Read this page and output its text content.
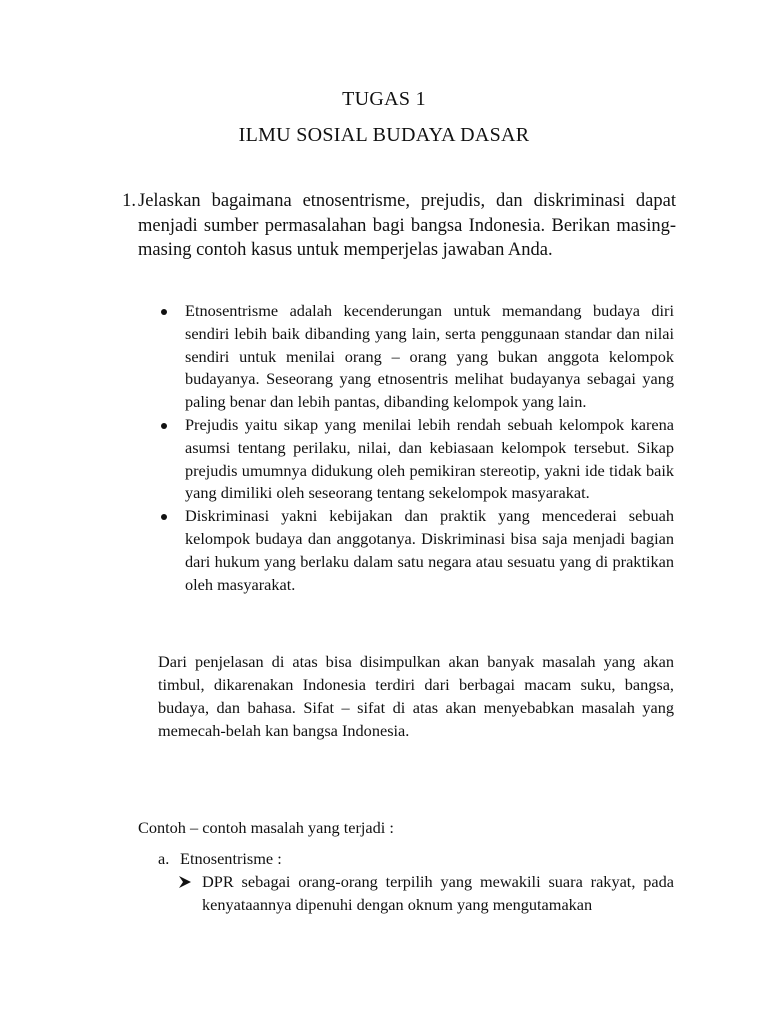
TUGAS 1
ILMU SOSIAL BUDAYA DASAR
1. Jelaskan bagaimana etnosentrisme, prejudis, dan diskriminasi dapat menjadi sumber permasalahan bagi bangsa Indonesia. Berikan masing-masing contoh kasus untuk memperjelas jawaban Anda.
Etnosentrisme adalah kecenderungan untuk memandang budaya diri sendiri lebih baik dibanding yang lain, serta penggunaan standar dan nilai sendiri untuk menilai orang – orang yang bukan anggota kelompok budayanya. Seseorang yang etnosentris melihat budayanya sebagai yang paling benar dan lebih pantas, dibanding kelompok yang lain.
Prejudis yaitu sikap yang menilai lebih rendah sebuah kelompok karena asumsi tentang perilaku, nilai, dan kebiasaan kelompok tersebut. Sikap prejudis umumnya didukung oleh pemikiran stereotip, yakni ide tidak baik yang dimiliki oleh seseorang tentang sekelompok masyarakat.
Diskriminasi yakni kebijakan dan praktik yang mencederai sebuah kelompok budaya dan anggotanya. Diskriminasi bisa saja menjadi bagian dari hukum yang berlaku dalam satu negara atau sesuatu yang di praktikan oleh masyarakat.
Dari penjelasan di atas bisa disimpulkan akan banyak masalah yang akan timbul, dikarenakan Indonesia terdiri dari berbagai macam suku, bangsa, budaya, dan bahasa. Sifat – sifat di atas akan menyebabkan masalah yang memecah-belah kan bangsa Indonesia.
Contoh – contoh masalah yang terjadi :
a. Etnosentrisme :
DPR sebagai orang-orang terpilih yang mewakili suara rakyat, pada kenyataannya dipenuhi dengan oknum yang mengutamakan
